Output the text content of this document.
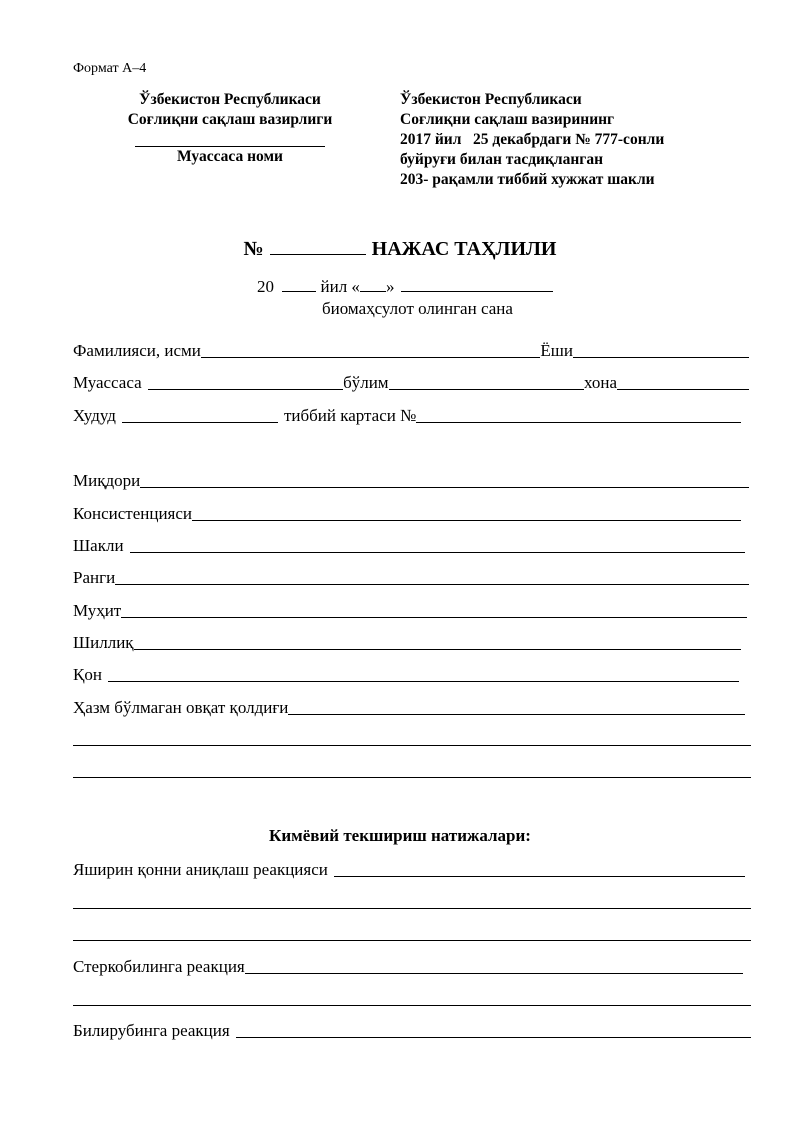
Формат А–4
Ўзбекистон Республикаси
Соғлиқни сақлаш вазирлиги
Муассаса номи
Ўзбекистон Республикаси
Соғлиқни сақлаш вазирининг
2017 йил   25 декабрдаги № 777-сонли
буйруғи билан тасдиқланган
203- рақамли тиббий хужжат шакли
№	НАЖАС ТАҲЛИЛИ
20	йил « »
биомаҳсулот олинган сана
Фамилияси, исми	Ёши
Муассаса	бўлим	хона
Худуд	тиббий картаси №
Миқдори
Консистенцияси
Шакли
Ранги
Муҳит
Шиллиқ
Қон
Ҳазм бўлмаган овқат қолдиғи
Кимёвий текшириш натижалари:
Яширин қонни аниқлаш реакцияси
Стеркобилинга реакция
Билирубинга реакция
